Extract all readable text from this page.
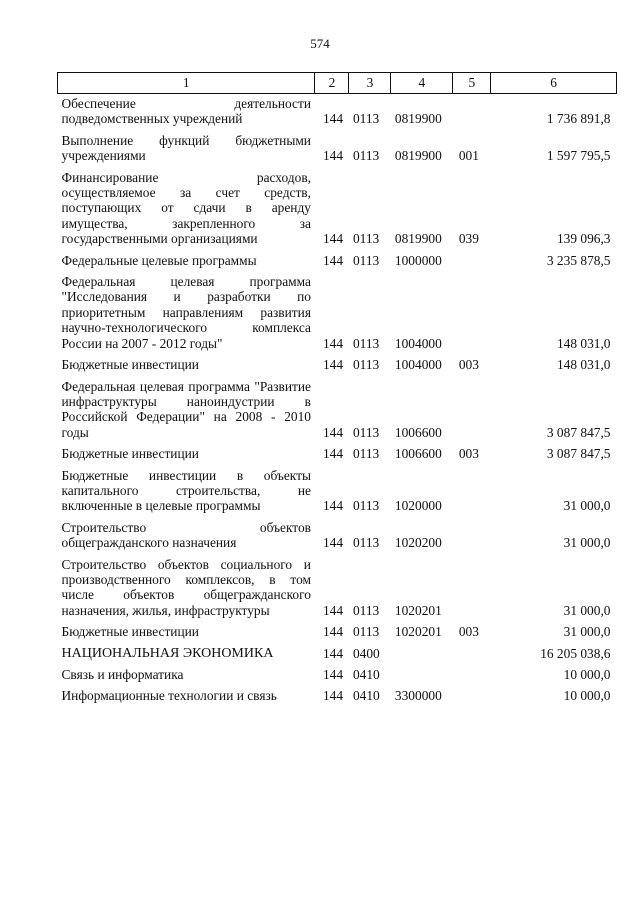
574
1	2	3	4	5	6
Обеспечение деятельности подведомственных учреждений	144	0113	0819900		1 736 891,8
Выполнение функций бюджетными учреждениями	144	0113	0819900	001	1 597 795,5
Финансирование расходов, осуществляемое за счет средств, поступающих от сдачи в аренду имущества, закрепленного за государственными организациями	144	0113	0819900	039	139 096,3
Федеральные целевые программы	144	0113	1000000		3 235 878,5
Федеральная целевая программа "Исследования и разработки по приоритетным направлениям развития научно-технологического комплекса России на 2007 - 2012 годы"	144	0113	1004000		148 031,0
Бюджетные инвестиции	144	0113	1004000	003	148 031,0
Федеральная целевая программа "Развитие инфраструктуры наноиндустрии в Российской Федерации" на 2008 - 2010 годы	144	0113	1006600		3 087 847,5
Бюджетные инвестиции	144	0113	1006600	003	3 087 847,5
Бюджетные инвестиции в объекты капитального строительства, не включенные в целевые программы	144	0113	1020000		31 000,0
Строительство объектов общегражданского назначения	144	0113	1020200		31 000,0
Строительство объектов социального и производственного комплексов, в том числе объектов общегражданского назначения, жилья, инфраструктуры	144	0113	1020201		31 000,0
Бюджетные инвестиции	144	0113	1020201	003	31 000,0
НАЦИОНАЛЬНАЯ ЭКОНОМИКА	144	0400			16 205 038,6
Связь и информатика	144	0410			10 000,0
Информационные технологии и связь	144	0410	3300000		10 000,0
